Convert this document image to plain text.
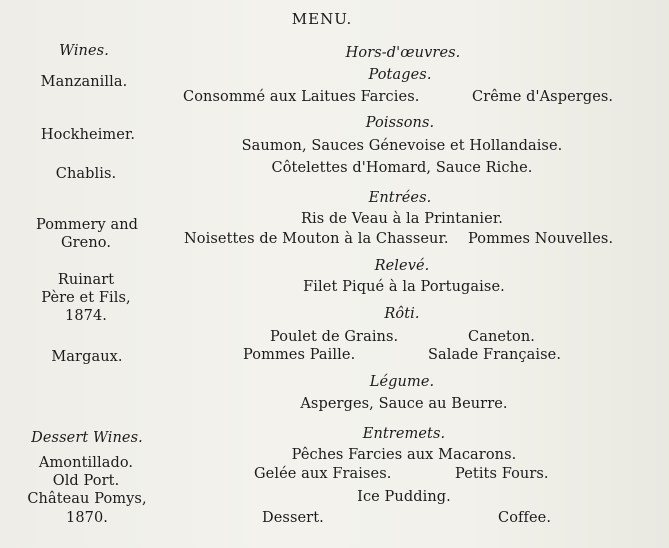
MENU.
Wines.
Manzanilla.
Hockheimer.
Chablis.
Pommery and
Greno.
Ruinart
Père et Fils,
1874.
Margaux.
Dessert Wines.
Amontillado.
Old Port.
Château Pomys,
1870.
Hors-d'œuvres.
Potages.
Consommé aux Laitues Farcies.	Crême d'Asperges.
Poissons.
Saumon, Sauces Génevoise et Hollandaise.
Côtelettes d'Homard, Sauce Riche.
Entrées.
Ris de Veau à la Printanier.
Noisettes de Mouton à la Chasseur. Pommes Nouvelles.
Relevé.
Filet Piqué à la Portugaise.
Rôti.
Poulet de Grains.	Caneton.
Pommes Paille.	Salade Française.
Légume.
Asperges, Sauce au Beurre.
Entremets.
Pêches Farcies aux Macarons.
Gelée aux Fraises.	Petits Fours.
Ice Pudding.
Dessert.	Coffee.
